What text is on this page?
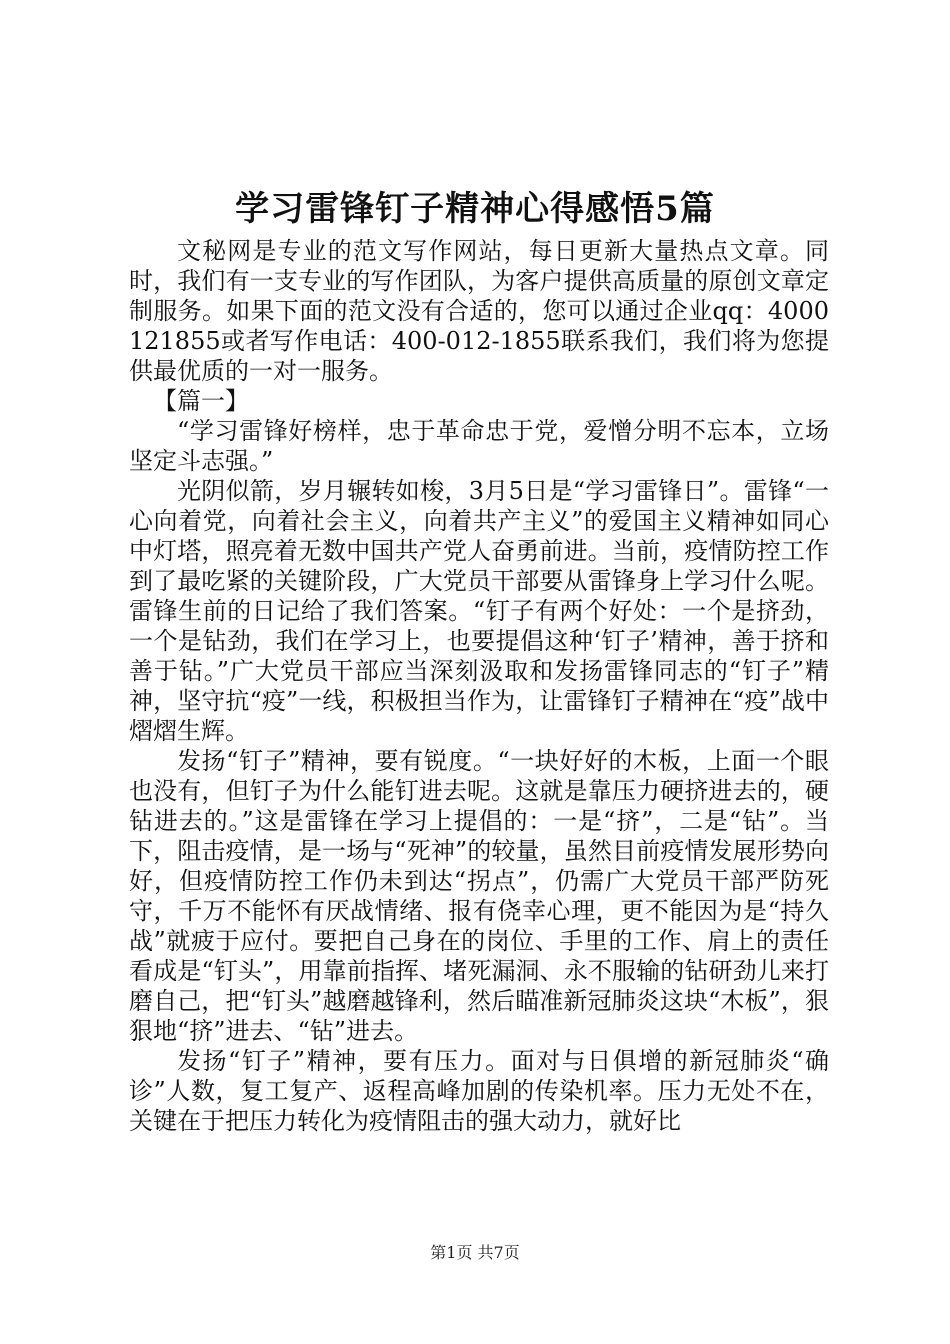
学习雷锋钉子精神心得感悟5篇

文秘网是专业的范文写作网站，每日更新大量热点文章。同时，我们有一支专业的写作团队，为客户提供高质量的原创文章定制服务。如果下面的范文没有合适的，您可以通过企业qq：4000121855或者写作电话：400-012-1855联系我们，我们将为您提供最优质的一对一服务。

【篇一】

“学习雷锋好榜样，忠于革命忠于党，爱憎分明不忘本，立场坚定斗志强。”

光阴似箭，岁月辗转如梭，3月5日是“学习雷锋日”。雷锋“一心向着党，向着社会主义，向着共产主义”的爱国主义精神如同心中灯塔，照亮着无数中国共产党人奋勇前进。当前，疫情防控工作到了最吃紧的关键阶段，广大党员干部要从雷锋身上学习什么呢。雷锋生前的日记给了我们答案。“钉子有两个好处：一个是挤劲，一个是钻劲，我们在学习上，也要提倡这种‘钉子’精神，善于挤和善于钻。”广大党员干部应当深刻汲取和发扬雷锋同志的“钉子”精神，坚守抗“疫”一线，积极担当作为，让雷锋钉子精神在“疫”战中熠熠生辉。

发扬“钉子”精神，要有锐度。“一块好好的木板，上面一个眼也没有，但钉子为什么能钉进去呢。这就是靠压力硬挤进去的，硬钻进去的。”这是雷锋在学习上提倡的：一是“挤”，二是“钻”。当下，阻击疫情，是一场与“死神”的较量，虽然目前疫情发展形势向好，但疫情防控工作仍未到达“拐点”，仍需广大党员干部严防死守，千万不能怀有厌战情绪、报有侥幸心理，更不能因为是“持久战”就疲于应付。要把自己身在的岗位、手里的工作、肩上的责任看成是“钉头”，用靠前指挥、堵死漏洞、永不服输的钻研劲儿来打磨自己，把“钉头”越磨越锋利，然后瞄准新冠肺炎这块“木板”，狠狠地“挤”进去、“钻”进去。

发扬“钉子”精神，要有压力。面对与日俱增的新冠肺炎“确诊”人数，复工复产、返程高峰加剧的传染机率。压力无处不在，关键在于把压力转化为疫情阻击的强大动力，就好比

第1页 共7页
